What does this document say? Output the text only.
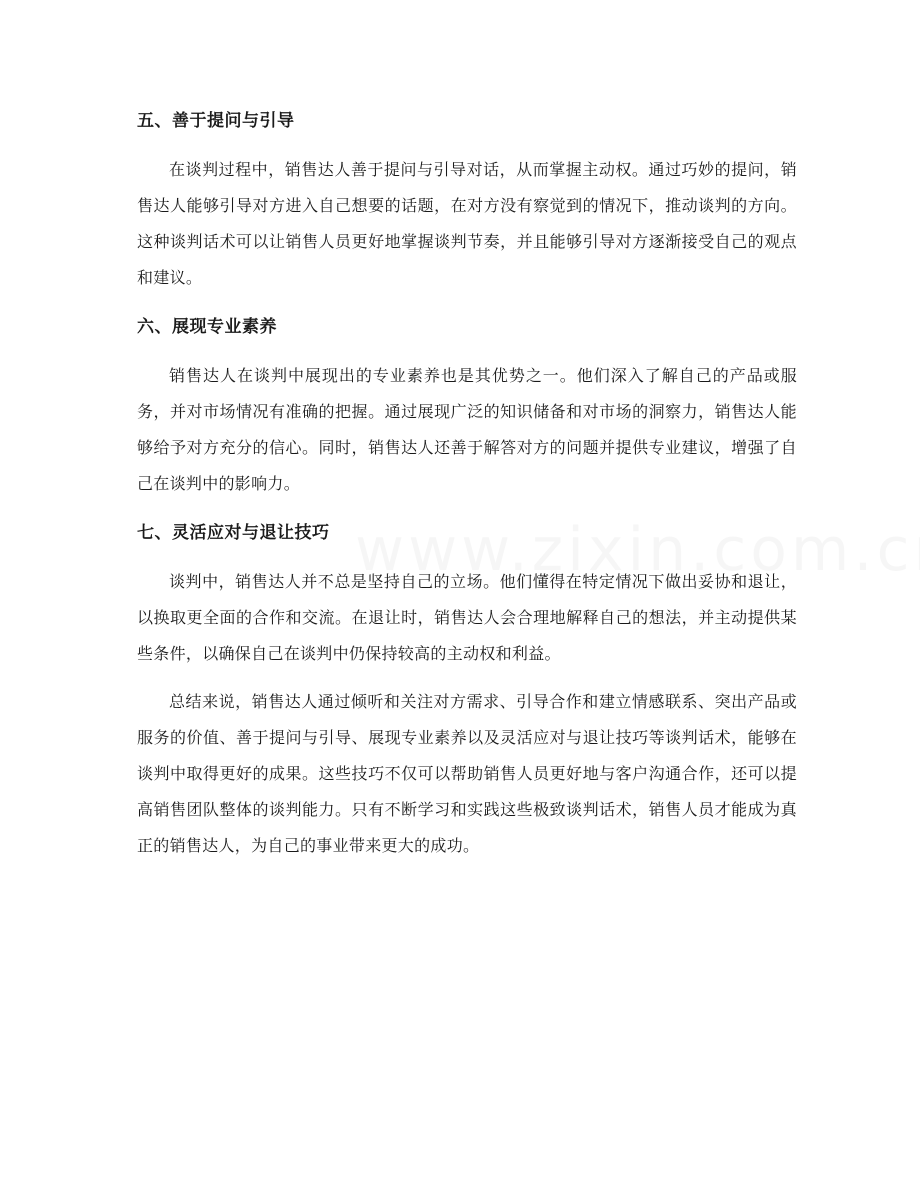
五、善于提问与引导

在谈判过程中，销售达人善于提问与引导对话，从而掌握主动权。通过巧妙的提问，销售达人能够引导对方进入自己想要的话题，在对方没有察觉到的情况下，推动谈判的方向。这种谈判话术可以让销售人员更好地掌握谈判节奏，并且能够引导对方逐渐接受自己的观点和建议。

六、展现专业素养

销售达人在谈判中展现出的专业素养也是其优势之一。他们深入了解自己的产品或服务，并对市场情况有准确的把握。通过展现广泛的知识储备和对市场的洞察力，销售达人能够给予对方充分的信心。同时，销售达人还善于解答对方的问题并提供专业建议，增强了自己在谈判中的影响力。

七、灵活应对与退让技巧

谈判中，销售达人并不总是坚持自己的立场。他们懂得在特定情况下做出妥协和退让，以换取更全面的合作和交流。在退让时，销售达人会合理地解释自己的想法，并主动提供某些条件，以确保自己在谈判中仍保持较高的主动权和利益。

总结来说，销售达人通过倾听和关注对方需求、引导合作和建立情感联系、突出产品或服务的价值、善于提问与引导、展现专业素养以及灵活应对与退让技巧等谈判话术，能够在谈判中取得更好的成果。这些技巧不仅可以帮助销售人员更好地与客户沟通合作，还可以提高销售团队整体的谈判能力。只有不断学习和实践这些极致谈判话术，销售人员才能成为真正的销售达人，为自己的事业带来更大的成功。
